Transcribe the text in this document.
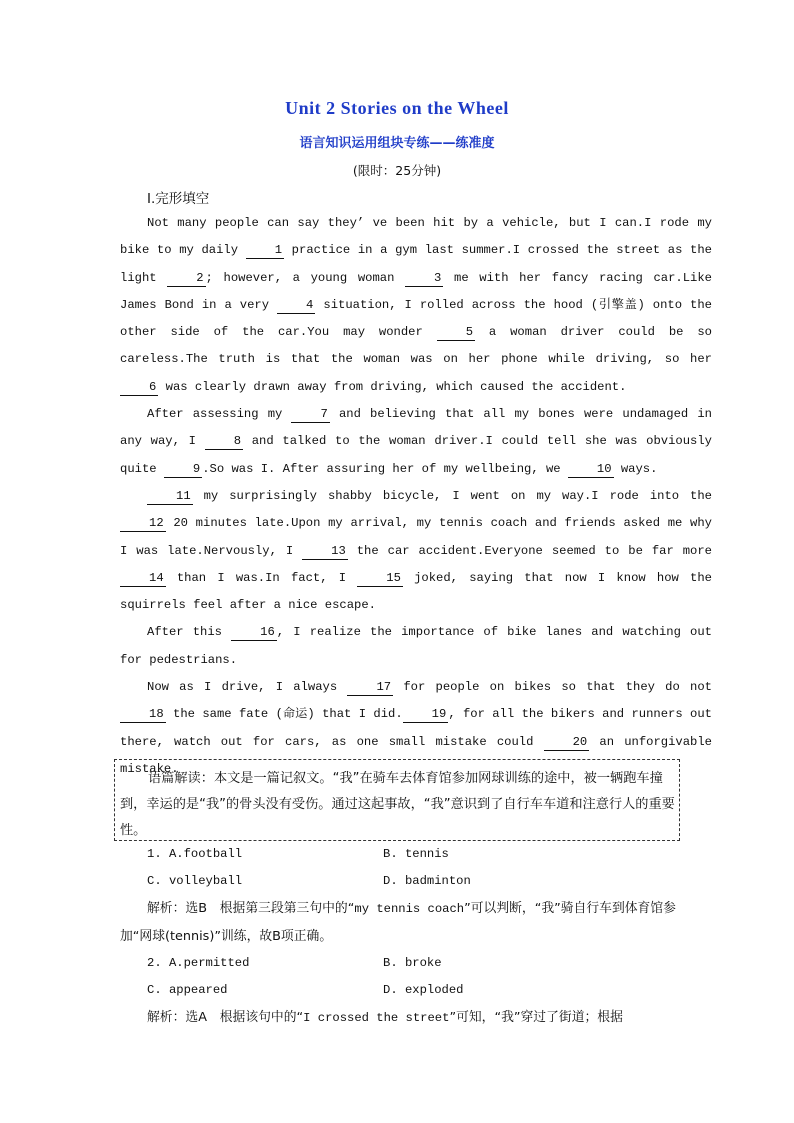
Unit 2 Stories on the Wheel
语言知识运用组块专练——练准度
(限时：25分钟)
Ⅰ.完形填空

Not many people can say they’ ve been hit by a vehicle, but I can.I rode my bike to my daily 1 practice in a gym last summer.I crossed the street as the light 2 ; however, a young woman 3 me with her fancy racing car.Like James Bond in a very 4 situation, I rolled across the hood (引擎盖) onto the other side of the car.You may wonder 5 a woman driver could be so careless.The truth is that the woman was on her phone while driving, so her 6 was clearly drawn away from driving, which caused the accident.

After assessing my 7 and believing that all my bones were undamaged in any way, I 8 and talked to the woman driver.I could tell she was obviously quite 9 .So was I. After assuring her of my wellbeing, we 10 ways.

11 my surprisingly shabby bicycle, I went on my way.I rode into the 12 20 minutes late.Upon my arrival, my tennis coach and friends asked me why I was late.Nervously, I 13 the car accident.Everyone seemed to be far more 14 than I was.In fact, I 15 joked, saying that now I know how the squirrels feel after a nice escape.

After this 16 , I realize the importance of bike lanes and watching out for pedestrians.

Now as I drive, I always 17 for people on bikes so that they do not 18 the same fate (命运) that I did. 19 , for all the bikers and runners out there, watch out for cars, as one small mistake could 20 an unforgivable mistake.

语篇解读：本文是一篇记叙文。“我”在骑车去体育馆参加网球训练的途中，被一辆跑车撞到，幸运的是“我”的骨头没有受伤。通过这起事故，“我”意识到了自行车车道和注意行人的重要性。
1. A.football	B. tennis
C. volleyball	D. badminton
解析：选B　根据第三段第三句中的“my tennis coach”可以判断，“我”骑自行车到体育馆参加“网球(tennis)”训练，故B项正确。
2. A.permitted	B. broke
C. appeared	D. exploded
解析：选A　根据该句中的“I crossed the street”可知，“我”穿过了街道；根据
